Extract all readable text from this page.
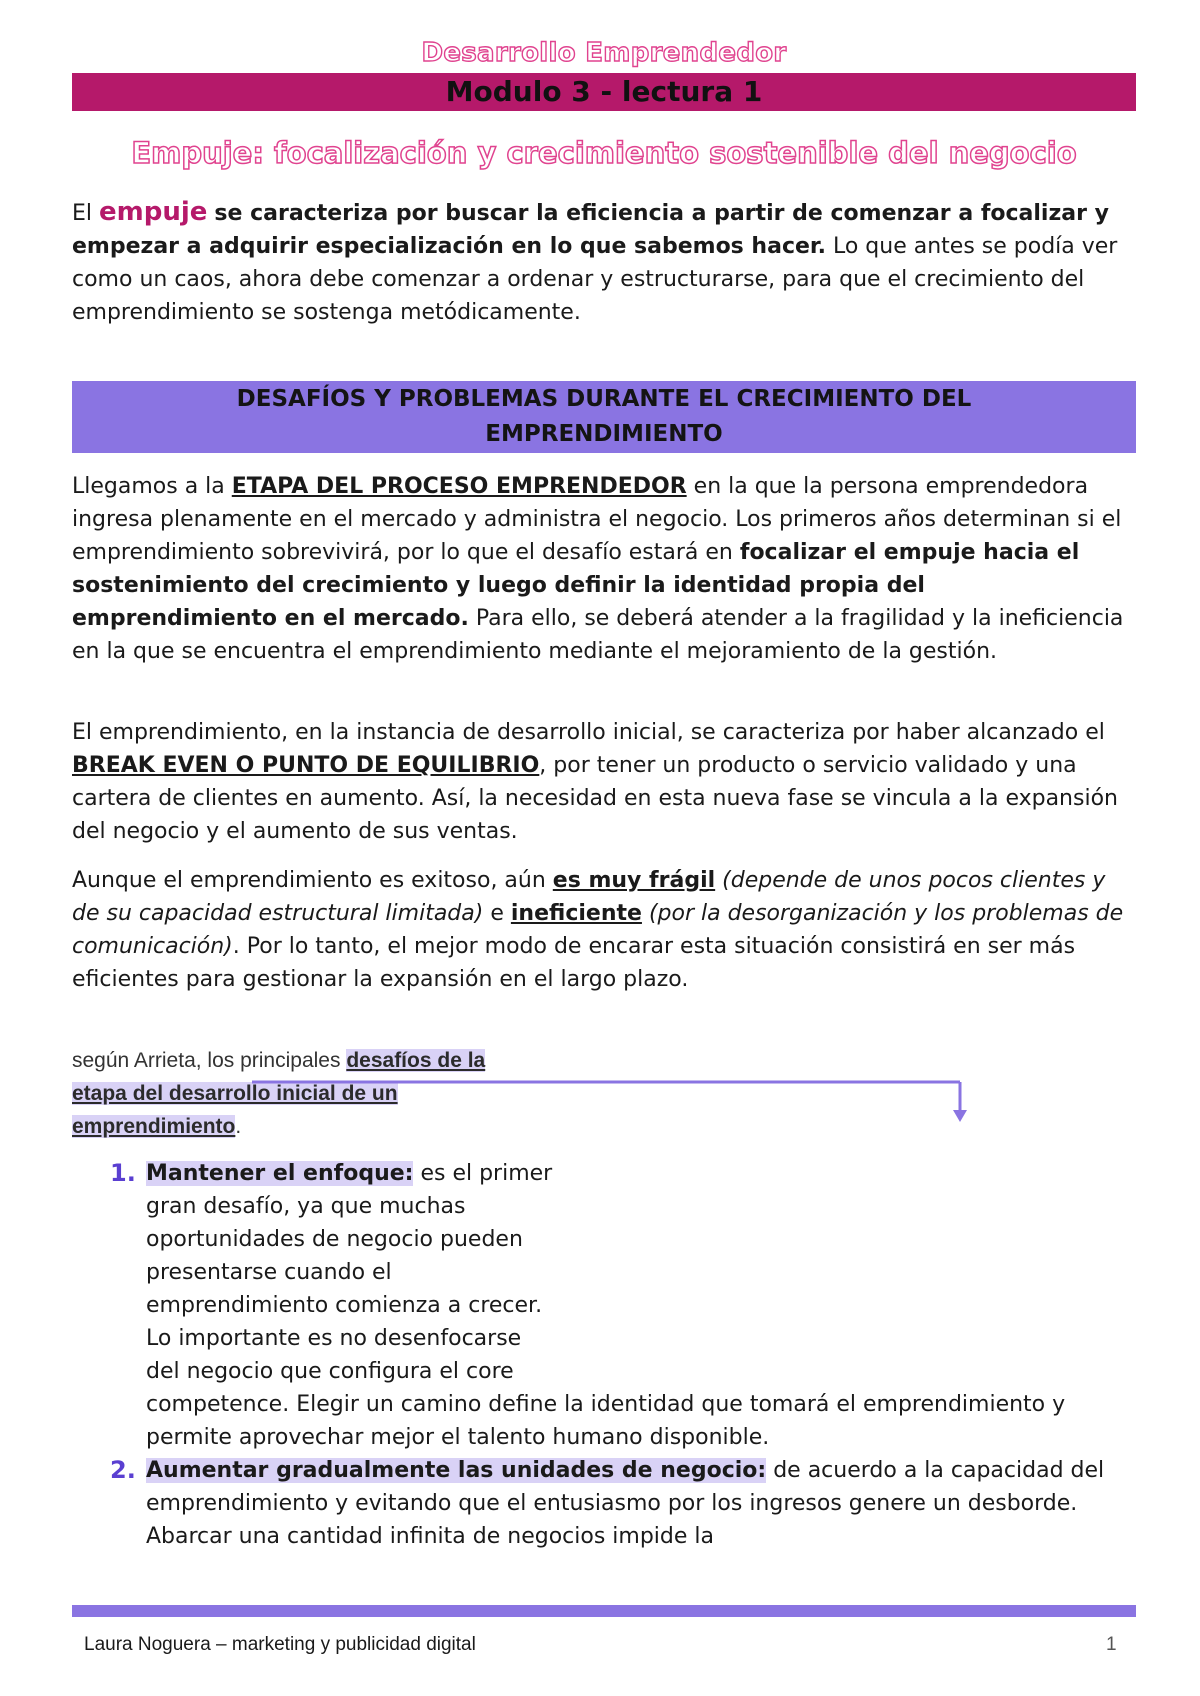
Desarrollo Emprendedor
Modulo 3 - lectura 1
Empuje: focalización y crecimiento sostenible del negocio
El empuje se caracteriza por buscar la eficiencia a partir de comenzar a focalizar y empezar a adquirir especialización en lo que sabemos hacer. Lo que antes se podía ver como un caos, ahora debe comenzar a ordenar y estructurarse, para que el crecimiento del emprendimiento se sostenga metódicamente.
DESAFÍOS Y PROBLEMAS DURANTE EL CRECIMIENTO DEL
EMPRENDIMIENTO

Llegamos a la ETAPA DEL PROCESO EMPRENDEDOR en la que la persona emprendedora ingresa plenamente en el mercado y administra el negocio. Los primeros años determinan si el emprendimiento sobrevivirá, por lo que el desafío estará en focalizar el empuje hacia el sostenimiento del crecimiento y luego definir la identidad propia del emprendimiento en el mercado. Para ello, se deberá atender a la fragilidad y la ineficiencia en la que se encuentra el emprendimiento mediante el mejoramiento de la gestión.

El emprendimiento, en la instancia de desarrollo inicial, se caracteriza por haber alcanzado el BREAK EVEN O PUNTO DE EQUILIBRIO, por tener un producto o servicio validado y una cartera de clientes en aumento. Así, la necesidad en esta nueva fase se vincula a la expansión del negocio y el aumento de sus ventas.

Aunque el emprendimiento es exitoso, aún es muy frágil (depende de unos pocos clientes y de su capacidad estructural limitada) e ineficiente (por la desorganización y los problemas de comunicación). Por lo tanto, el mejor modo de encarar esta situación consistirá en ser más eficientes para gestionar la expansión en el largo plazo.

según Arrieta, los principales desafíos de la etapa del desarrollo inicial de un emprendimiento.
1. Mantener el enfoque: es el primer gran desafío, ya que muchas oportunidades de negocio pueden presentarse cuando el emprendimiento comienza a crecer. Lo importante es no desenfocarse del negocio que configura el core
competence. Elegir un camino define la identidad que tomará el emprendimiento y permite aprovechar mejor el talento humano disponible.
2. Aumentar gradualmente las unidades de negocio: de acuerdo a la capacidad del emprendimiento y evitando que el entusiasmo por los ingresos genere un desborde. Abarcar una cantidad infinita de negocios impide la
Laura Noguera – marketing y publicidad digital	1
